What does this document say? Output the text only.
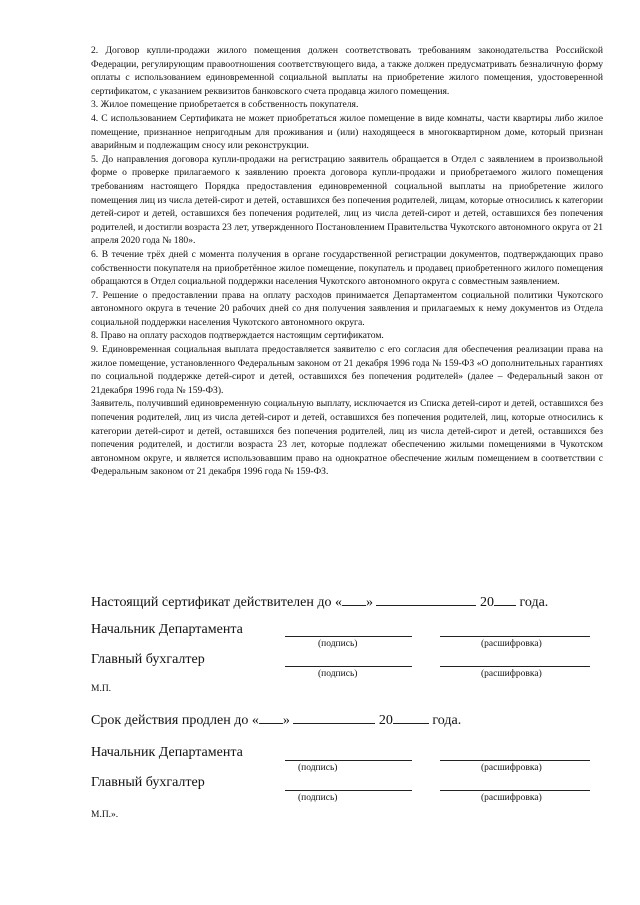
2. Договор купли-продажи жилого помещения должен соответствовать требованиям законодательства Российской Федерации, регулирующим правоотношения соответствующего вида, а также должен предусматривать безналичную форму оплаты с использованием единовременной социальной выплаты на приобретение жилого помещения, удостоверенной сертификатом, с указанием реквизитов банковского счета продавца жилого помещения.

3. Жилое помещение приобретается в собственность покупателя.

4. С использованием Сертификата не может приобретаться жилое помещение в виде комнаты, части квартиры либо жилое помещение, признанное непригодным для проживания и (или) находящееся в многоквартирном доме, который признан аварийным и подлежащим сносу или реконструкции.

5. До направления договора купли-продажи на регистрацию заявитель обращается в Отдел с заявлением в произвольной форме о проверке прилагаемого к заявлению проекта договора купли-продажи и приобретаемого жилого помещения требованиям настоящего Порядка предоставления единовременной социальной выплаты на приобретение жилого помещения лиц из числа детей-сирот и детей, оставшихся без попечения родителей, лицам, которые относились к категории детей-сирот и детей, оставшихся без попечения родителей, лиц из числа детей-сирот и детей, оставшихся без попечения родителей, и достигли возраста 23 лет, утвержденного Постановлением Правительства Чукотского автономного округа от 21 апреля 2020 года № 180».

6. В течение трёх дней с момента получения в органе государственной регистрации документов, подтверждающих право собственности покупателя на приобретённое жилое помещение, покупатель и продавец приобретенного жилого помещения обращаются в Отдел социальной поддержки населения Чукотского автономного округа с совместным заявлением.

7. Решение о предоставлении права на оплату расходов принимается Департаментом социальной политики Чукотского автономного округа в течение 20 рабочих дней со дня получения заявления и прилагаемых к нему документов из Отдела социальной поддержки населения Чукотского автономного округа.

8. Право на оплату расходов подтверждается настоящим сертификатом.

9. Единовременная социальная выплата предоставляется заявителю с его согласия для обеспечения реализации права на жилое помещение, установленного Федеральным законом от 21 декабря 1996 года № 159-ФЗ «О дополнительных гарантиях по социальной поддержке детей-сирот и детей, оставшихся без попечения родителей» (далее – Федеральный закон от 21декабря 1996 года № 159-ФЗ).

Заявитель, получивший единовременную социальную выплату, исключается из Списка детей-сирот и детей, оставшихся без попечения родителей, лиц из числа детей-сирот и детей, оставшихся без попечения родителей, лиц, которые относились к категории детей-сирот и детей, оставшихся без попечения родителей, лиц из числа детей-сирот и детей, оставшихся без попечения родителей, и достигли возраста 23 лет, которые подлежат обеспечению жилыми помещениями в Чукотском автономном округе, и является использовавшим право на однократное обеспечение жилым помещением в соответствии с Федеральным законом от 21 декабря 1996 года № 159-ФЗ.

Настоящий сертификат действителен до « »	20 года.
Начальник Департамента
(подпись)	(расшифровка)
Главный бухгалтер
(подпись)	(расшифровка)
М.П.
Срок действия продлен до « »	20	года.
Начальник Департамента
(подпись)	(расшифровка)
Главный бухгалтер
(подпись)	(расшифровка)
М.П.».
